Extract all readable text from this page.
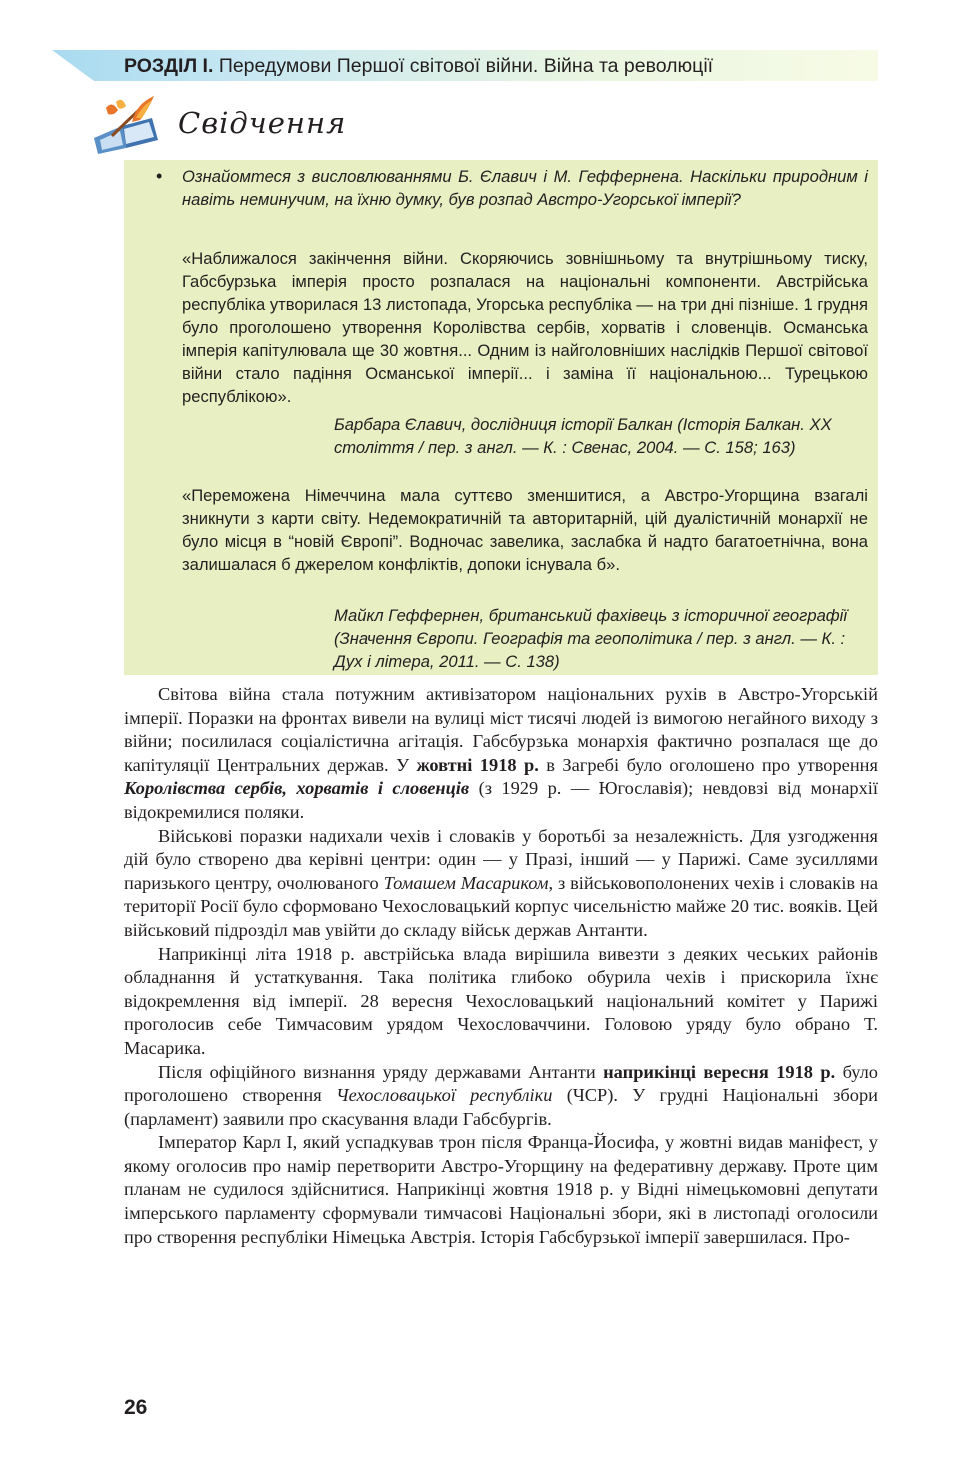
РОЗДІЛ І. Передумови Першої світової війни. Війна та революції
Свідчення
• Ознайомтеся з висловлюваннями Б. Єлавич і М. Геффернена. Наскільки природним і навіть неминучим, на їхню думку, був розпад Австро-Угорської імперії?
«Наближалося закінчення війни. Скоряючись зовнішньому та внутрішньому тиску, Габсбурзька імперія просто розпалася на національні компоненти. Австрійська республіка утворилася 13 листопада, Угорська республіка — на три дні пізніше. 1 грудня було проголошено утворення Королівства сербів, хорватів і словенців. Османська імперія капітулювала ще 30 жовтня... Одним із найголовніших наслідків Першої світової війни стало падіння Османської імперії... і заміна її національною... Турецькою республікою».
Барбара Єлавич, дослідниця історії Балкан (Історія Балкан. XX століття / пер. з англ. — К. : Свенас, 2004. — С. 158; 163)
«Переможена Німеччина мала суттєво зменшитися, а Австро-Угорщина взагалі зникнути з карти світу. Недемократичній та авторитарній, цій дуалістичній монархії не було місця в “новій Європі”. Водночас завелика, заслабка й надто багатоетнічна, вона залишалася б джерелом конфліктів, допоки існувала б».
Майкл Геффернен, британський фахівець з історичної географії (Значення Європи. Географія та геополітика / пер. з англ. — К. : Дух і літера, 2011. — С. 138)

Світова війна стала потужним активізатором національних рухів в Австро-Угорській імперії. Поразки на фронтах вивели на вулиці міст тисячі людей із вимогою негайного виходу з війни; посилилася соціалістична агітація. Габсбурзька монархія фактично розпалася ще до капітуляції Центральних держав. У жовтні 1918 р. в Загребі було оголошено про утворення Королівства сербів, хорватів і словенців (з 1929 р. — Югославія); невдовзі від монархії відокремилися поляки.

Військові поразки надихали чехів і словаків у боротьбі за незалежність. Для узгодження дій було створено два керівні центри: один — у Празі, інший — у Парижі. Саме зусиллями паризького центру, очолюваного Томашем Масариком, з військовополонених чехів і словаків на території Росії було сформовано Чехословацький корпус чисельністю майже 20 тис. вояків. Цей військовий підрозділ мав увійти до складу військ держав Антанти.

Наприкінці літа 1918 р. австрійська влада вирішила вивезти з деяких чеських районів обладнання й устаткування. Така політика глибоко обурила чехів і прискорила їхнє відокремлення від імперії. 28 вересня Чехословацький національний комітет у Парижі проголосив себе Тимчасовим урядом Чехословаччини. Головою уряду було обрано Т. Масарика.

Після офіційного визнання уряду державами Антанти наприкінці вересня 1918 р. було проголошено створення Чехословацької республіки (ЧСР). У грудні Національні збори (парламент) заявили про скасування влади Габсбургів.

Імператор Карл I, який успадкував трон після Франца-Йосифа, у жовтні видав маніфест, у якому оголосив про намір перетворити Австро-Угорщину на федеративну державу. Проте цим планам не судилося здійснитися. Наприкінці жовтня 1918 р. у Відні німецькомовні депутати імперського парламенту сформували тимчасові Національні збори, які в листопаді оголосили про створення республіки Німецька Австрія. Історія Габсбурзької імперії завершилася. Про-

26
